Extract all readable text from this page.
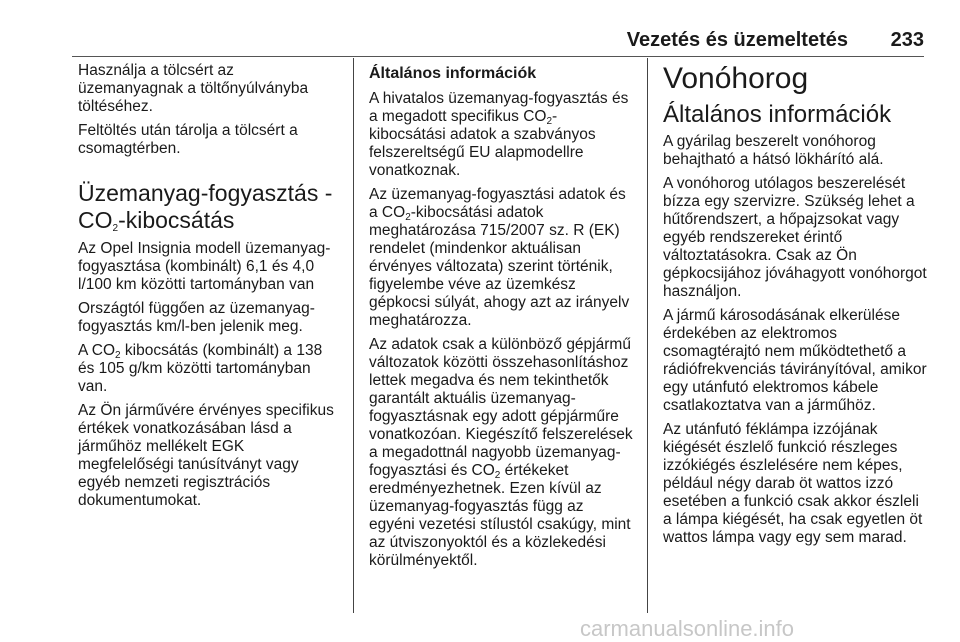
Vezetés és üzemeltetés 233

Használja a tölcsért az üzemanyagnak a töltőnyúlványba töltéséhez.

Feltöltés után tárolja a tölcsért a csomagtérben.

Üzemanyag-fogyasztás - $CO_2$-kibocsátás

Az Opel Insignia modell üzemanyag-fogyasztása (kombinált) 6,1 és 4,0 l/100 km közötti tartományban van

Országtól függően az üzemanyag-fogyasztás km/l-ben jelenik meg.

A $CO_2$ kibocsátás (kombinált) a 138 és 105 g/km közötti tartományban van.

Az Ön járművére érvényes specifikus értékek vonatkozásában lásd a járműhöz mellékelt EGK megfelelőségi tanúsítványt vagy egyéb nemzeti regisztrációs dokumentumokat.

Általános információk

A hivatalos üzemanyag-fogyasztás és a megadott specifikus $CO_2$-kibocsátási adatok a szabványos felszereltségű EU alapmodellre vonatkoznak.

Az üzemanyag-fogyasztási adatok és a $CO_2$-kibocsátási adatok meghatározása 715/2007 sz. R (EK) rendelet (mindenkor aktuálisan érvényes változata) szerint történik, figyelembe véve az üzemkész gépkocsi súlyát, ahogy azt az irányelv meghatározza.

Az adatok csak a különböző gépjármű változatok közötti összehasonlításhoz lettek megadva és nem tekinthetők garantált aktuális üzemanyag-fogyasztásnak egy adott gépjárműre vonatkozóan. Kiegészítő felszerelések a megadottnál nagyobb üzemanyag-fogyasztási és $CO_2$ értékeket eredményezhetnek. Ezen kívül az üzemanyag-fogyasztás függ az egyéni vezetési stílustól csakúgy, mint az útviszonyoktól és a közlekedési körülményektől.

Vonóhorog
Általános információk

A gyárilag beszerelt vonóhorog behajtható a hátsó lökhárító alá.

A vonóhorog utólagos beszerelését bízza egy szervizre. Szükség lehet a hűtőrendszert, a hőpajzsokat vagy egyéb rendszereket érintő változtatásokra. Csak az Ön gépkocsijához jóváhagyott vonóhorgot használjon.

A jármű károsodásának elkerülése érdekében az elektromos csomagtérajtó nem működtethető a rádiófrekvenciás távirányítóval, amikor egy utánfutó elektromos kábele csatlakoztatva van a járműhöz.

Az utánfutó féklámpa izzójának kiégését észlelő funkció részleges izzókiégés észlelésére nem képes, például négy darab öt wattos izzó esetében a funkció csak akkor észleli a lámpa kiégését, ha csak egyetlen öt wattos lámpa vagy egy sem marad.

carmanualsonline.info
